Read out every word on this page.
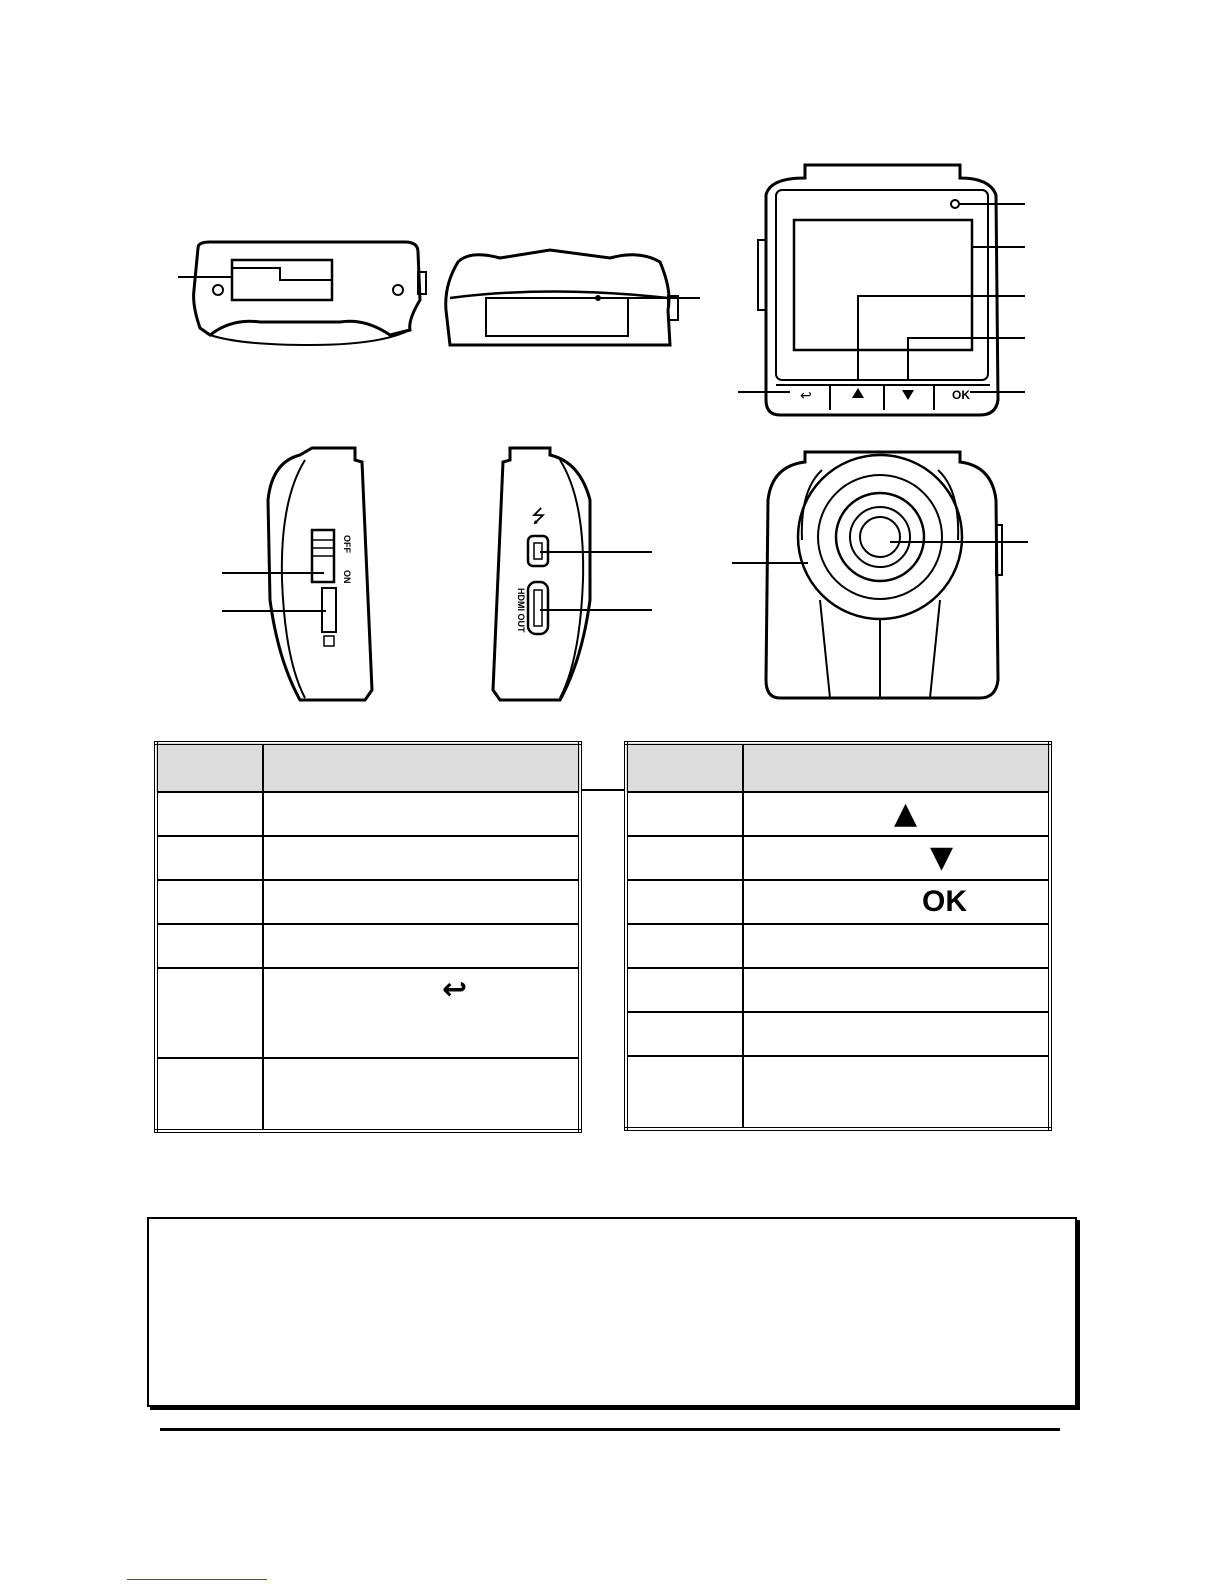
↩	OK
ON
OFF
⭍
HDMI OUT

	↩

	▲

	▼

	OK
